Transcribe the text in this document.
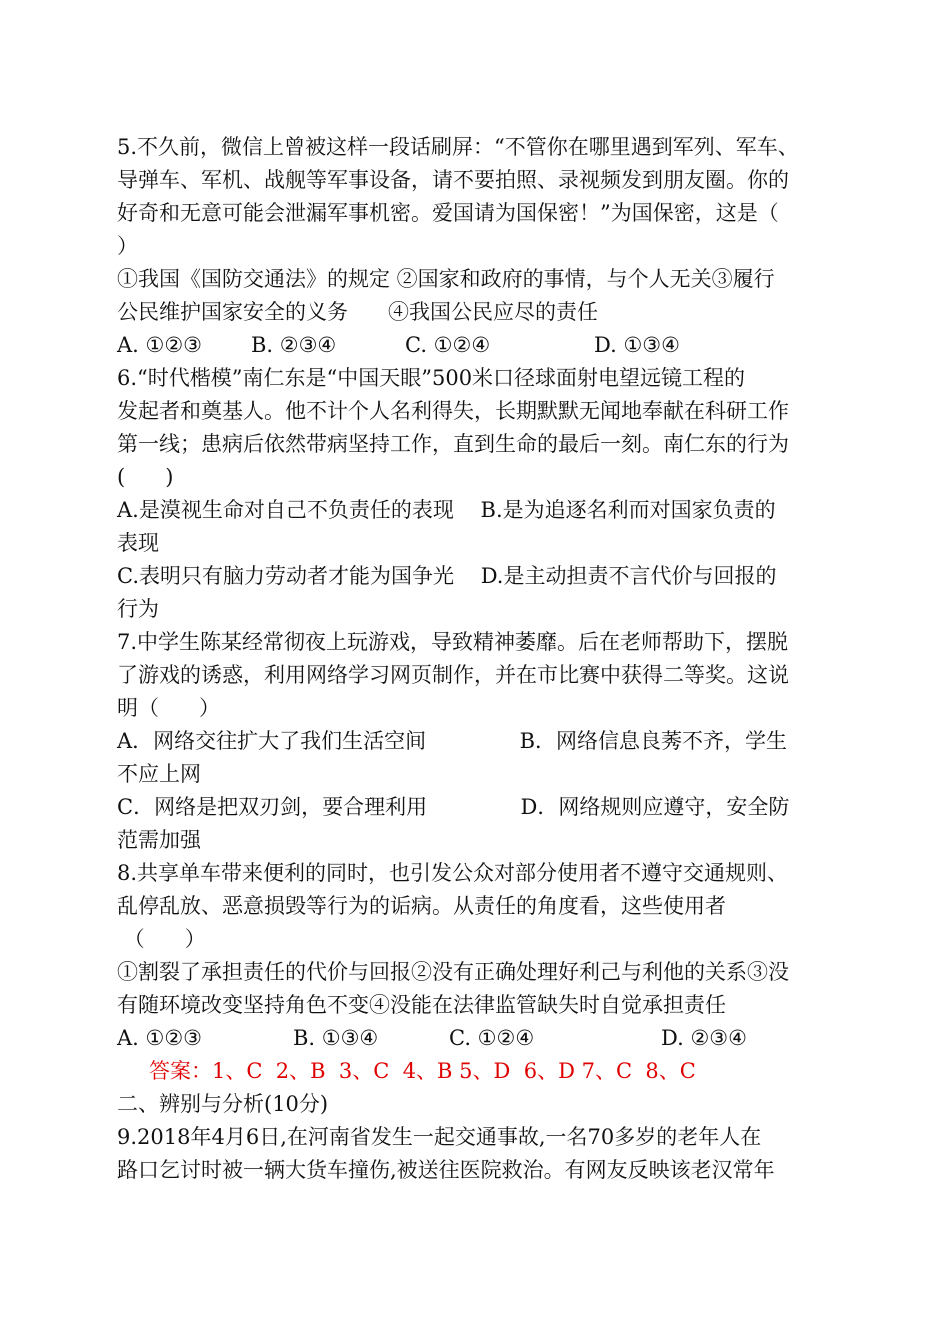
5.不久前，微信上曾被这样一段话刷屏：“不管你在哪里遇到军列、军车、
导弹车、军机、战舰等军事设备，请不要拍照、录视频发到朋友圈。你的
好奇和无意可能会泄漏军事机密。爱国请为国保密！”为国保密，这是（
）
①我国《国防交通法》的规定 ②国家和政府的事情，与个人无关③履行
公民维护国家安全的义务      ④我国公民应尽的责任
A. ①②③	B. ②③④	C. ①②④	D. ①③④
6.“时代楷模”南仁东是“中国天眼”500米口径球面射电望远镜工程的
发起者和奠基人。他不计个人名利得失，长期默默无闻地奉献在科研工作
第一线；患病后依然带病坚持工作，直到生命的最后一刻。南仁东的行为
(      )
A.是漠视生命对自己不负责任的表现    B.是为追逐名利而对国家负责的
表现
C.表明只有脑力劳动者才能为国争光    D.是主动担责不言代价与回报的
行为
7.中学生陈某经常彻夜上玩游戏，导致精神萎靡。后在老师帮助下，摆脱
了游戏的诱惑，利用网络学习网页制作，并在市比赛中获得二等奖。这说
明（      ）
A．网络交往扩大了我们生活空间              B．网络信息良莠不齐，学生
不应上网
C．网络是把双刃剑，要合理利用              D．网络规则应遵守，安全防
范需加强
8.共享单车带来便利的同时，也引发公众对部分使用者不遵守交通规则、
乱停乱放、恶意损毁等行为的诟病。从责任的角度看，这些使用者
（      ）
①割裂了承担责任的代价与回报②没有正确处理好利己与利他的关系③没
有随环境改变坚持角色不变④没能在法律监管缺失时自觉承担责任
A. ①②③	B. ①③④	C. ①②④	D. ②③④
答案：1、C  2、B  3、C  4、B 5、D  6、D 7、C  8、C
二、辨别与分析(10分)
9.2018年4月6日,在河南省发生一起交通事故,一名70多岁的老年人在
路口乞讨时被一辆大货车撞伤,被送往医院救治。有网友反映该老汉常年
